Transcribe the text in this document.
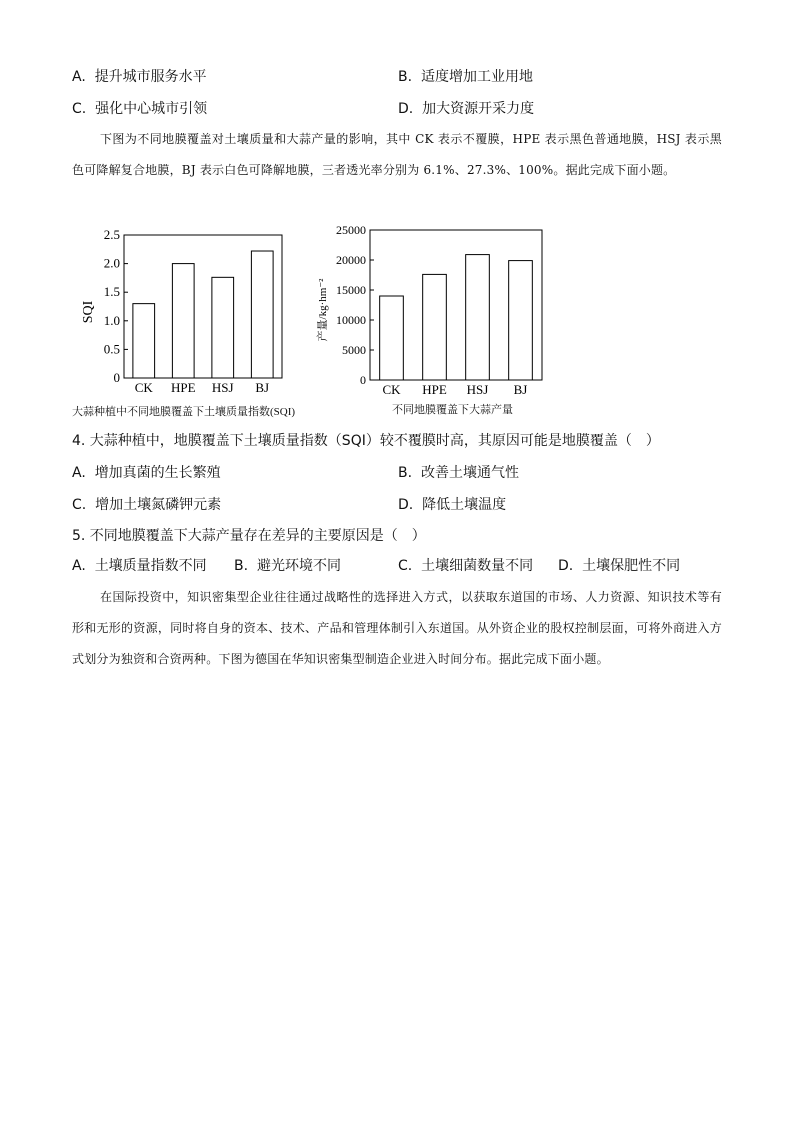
A. 提升城市服务水平	B. 适度增加工业用地
C. 强化中心城市引领	D. 加大资源开采力度
下图为不同地膜覆盖对土壤质量和大蒜产量的影响，其中 CK 表示不覆膜，HPE 表示黑色普通地膜，HSJ 表示黑色可降解复合地膜，BJ 表示白色可降解地膜，三者透光率分别为 6.1%、27.3%、100%。据此完成下面小题。
SQI
0
0.5
1.0
1.5
2.0
2.5
CK HPE HSJ BJ
大蒜种植中不同地膜覆盖下土壤质量指数(SQI)
产量/kg·hm⁻²
0
5000
10000
15000
20000
25000
CK HPE HSJ BJ
不同地膜覆盖下大蒜产量
4. 大蒜种植中，地膜覆盖下土壤质量指数（SQI）较不覆膜时高，其原因可能是地膜覆盖（　）
A. 增加真菌的生长繁殖	B. 改善土壤通气性
C. 增加土壤氮磷钾元素	D. 降低土壤温度
5. 不同地膜覆盖下大蒜产量存在差异的主要原因是（　）
A. 土壤质量指数不同 B. 避光环境不同	C. 土壤细菌数量不同 D. 土壤保肥性不同
在国际投资中，知识密集型企业往往通过战略性的选择进入方式，以获取东道国的市场、人力资源、知识技术等有形和无形的资源，同时将自身的资本、技术、产品和管理体制引入东道国。从外资企业的股权控制层面，可将外商进入方式划分为独资和合资两种。下图为德国在华知识密集型制造企业进入时间分布。据此完成下面小题。
